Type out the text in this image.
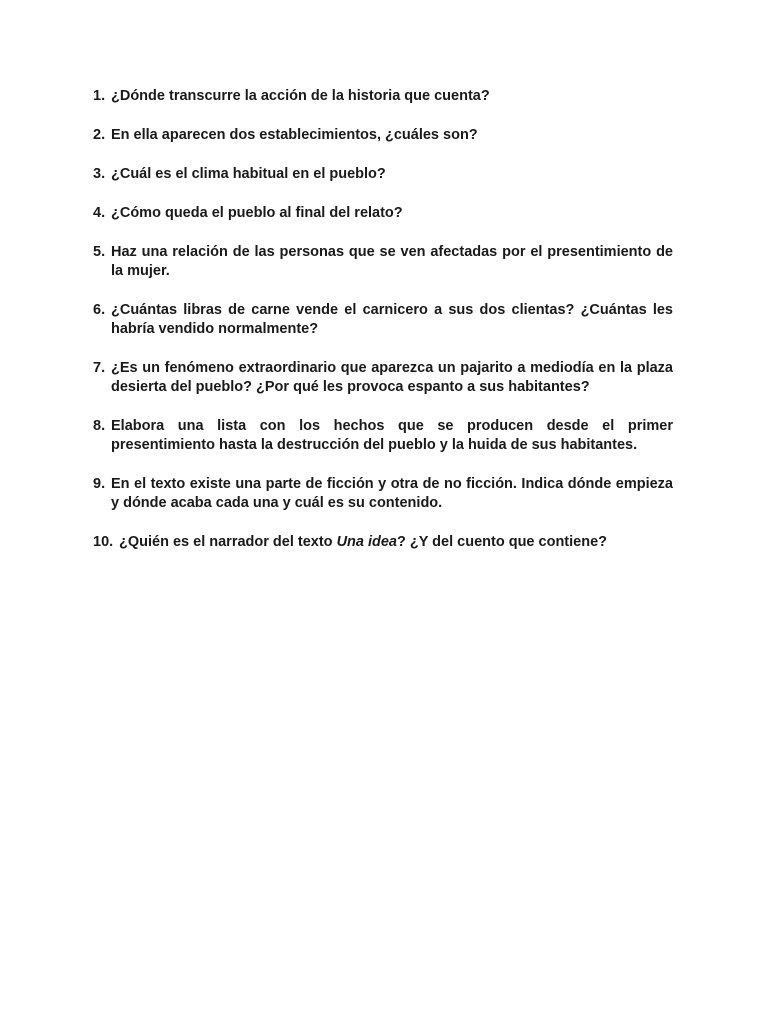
1. ¿Dónde transcurre la acción de la historia que cuenta?
2. En ella aparecen dos establecimientos, ¿cuáles son?
3. ¿Cuál es el clima habitual en el pueblo?
4. ¿Cómo queda el pueblo al final del relato?
5. Haz una relación de las personas que se ven afectadas por el presentimiento de la mujer.
6. ¿Cuántas libras de carne vende el carnicero a sus dos clientas? ¿Cuántas les habría vendido normalmente?
7. ¿Es un fenómeno extraordinario que aparezca un pajarito a mediodía en la plaza desierta del pueblo? ¿Por qué les provoca espanto a sus habitantes?
8. Elabora una lista con los hechos que se producen desde el primer presentimiento hasta la destrucción del pueblo y la huida de sus habitantes.
9. En el texto existe una parte de ficción y otra de no ficción. Indica dónde empieza y dónde acaba cada una y cuál es su contenido.
10. ¿Quién es el narrador del texto Una idea? ¿Y del cuento que contiene?
